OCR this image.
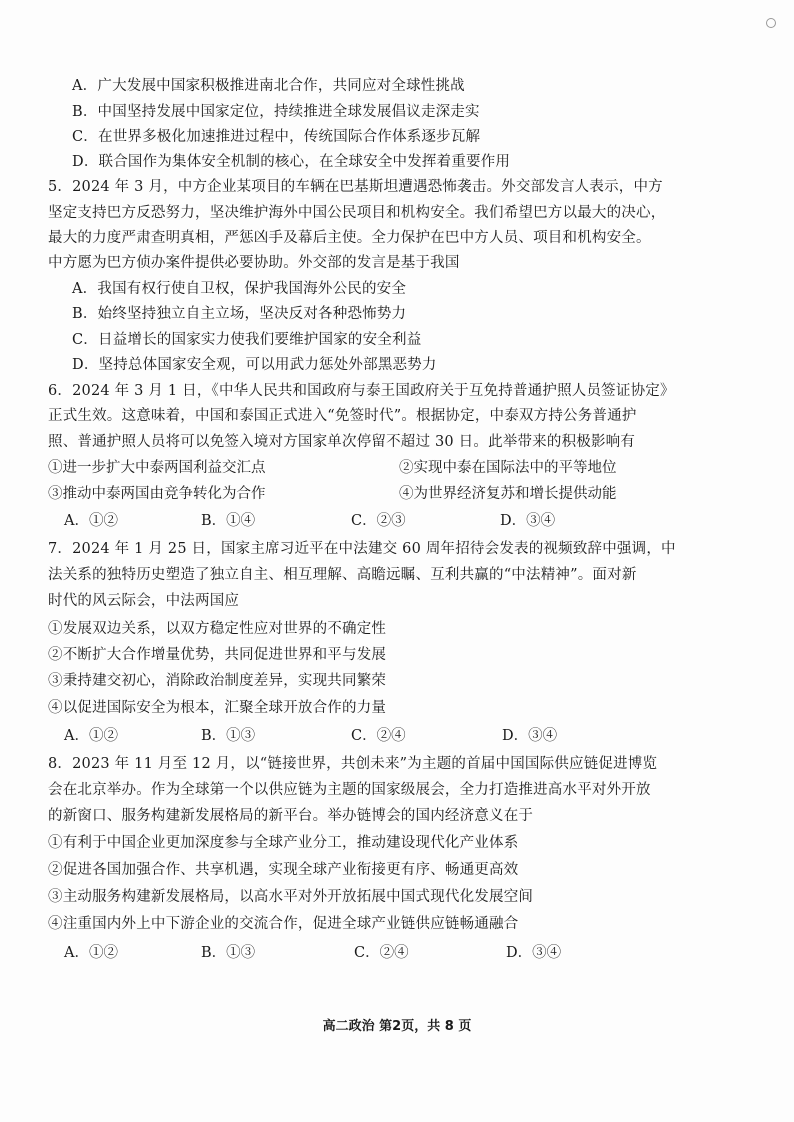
A．广大发展中国家积极推进南北合作，共同应对全球性挑战
B．中国坚持发展中国家定位，持续推进全球发展倡议走深走实
C．在世界多极化加速推进过程中，传统国际合作体系逐步瓦解
D．联合国作为集体安全机制的核心，在全球安全中发挥着重要作用
5．2024 年 3 月，中方企业某项目的车辆在巴基斯坦遭遇恐怖袭击。外交部发言人表示，中方
坚定支持巴方反恐努力，坚决维护海外中国公民项目和机构安全。我们希望巴方以最大的决心，
最大的力度严肃查明真相，严惩凶手及幕后主使。全力保护在巴中方人员、项目和机构安全。
中方愿为巴方侦办案件提供必要协助。外交部的发言是基于我国
A．我国有权行使自卫权，保护我国海外公民的安全
B．始终坚持独立自主立场，坚决反对各种恐怖势力
C．日益增长的国家实力使我们要维护国家的安全利益
D．坚持总体国家安全观，可以用武力惩处外部黑恶势力
6．2024 年 3 月 1 日，《中华人民共和国政府与泰王国政府关于互免持普通护照人员签证协定》
正式生效。这意味着，中国和泰国正式进入“免签时代”。根据协定，中泰双方持公务普通护
照、普通护照人员将可以免签入境对方国家单次停留不超过 30 日。此举带来的积极影响有
①进一步扩大中泰两国利益交汇点	②实现中泰在国际法中的平等地位
③推动中泰两国由竞争转化为合作	④为世界经济复苏和增长提供动能
A．①②	B．①④	C．②③	D．③④
7．2024 年 1 月 25 日，国家主席习近平在中法建交 60 周年招待会发表的视频致辞中强调，中
法关系的独特历史塑造了独立自主、相互理解、高瞻远瞩、互利共赢的“中法精神”。面对新
时代的风云际会，中法两国应
①发展双边关系，以双方稳定性应对世界的不确定性
②不断扩大合作增量优势，共同促进世界和平与发展
③秉持建交初心，消除政治制度差异，实现共同繁荣
④以促进国际安全为根本，汇聚全球开放合作的力量
A．①②	B．①③	C．②④	D．③④
8．2023 年 11 月至 12 月，以“链接世界，共创未来”为主题的首届中国国际供应链促进博览
会在北京举办。作为全球第一个以供应链为主题的国家级展会，全力打造推进高水平对外开放
的新窗口、服务构建新发展格局的新平台。举办链博会的国内经济意义在于
①有利于中国企业更加深度参与全球产业分工，推动建设现代化产业体系
②促进各国加强合作、共享机遇，实现全球产业衔接更有序、畅通更高效
③主动服务构建新发展格局，以高水平对外开放拓展中国式现代化发展空间
④注重国内外上中下游企业的交流合作，促进全球产业链供应链畅通融合
A．①②	B．①③	C．②④	D．③④
高二政治 第2页，共 8 页
